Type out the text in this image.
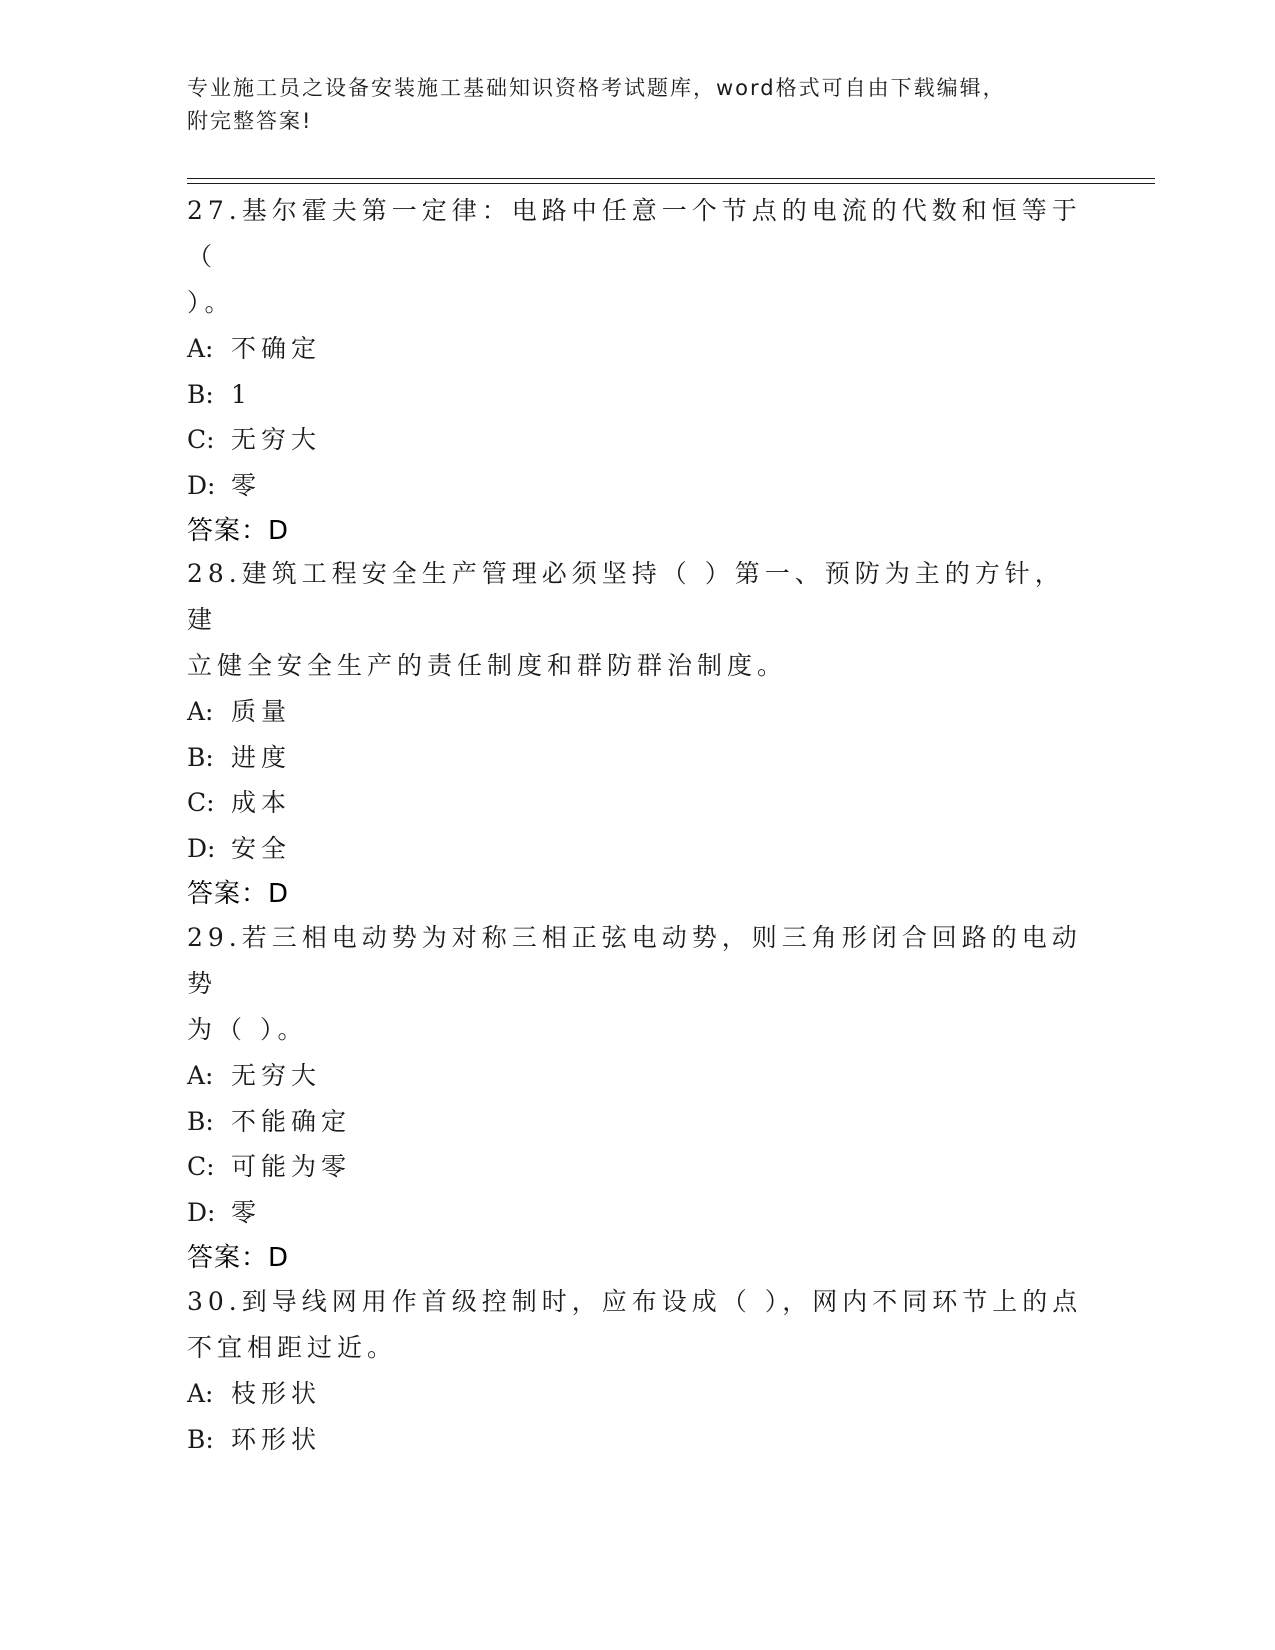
专业施工员之设备安装施工基础知识资格考试题库，word格式可自由下载编辑，
附完整答案!
27.基尔霍夫第一定律：电路中任意一个节点的电流的代数和恒等于（
）。
A: 不确定
B: 1
C: 无穷大
D: 零
答案：D
28.建筑工程安全生产管理必须坚持（ ）第一、预防为主的方针，建
立健全安全生产的责任制度和群防群治制度。
A: 质量
B: 进度
C: 成本
D: 安全
答案：D
29.若三相电动势为对称三相正弦电动势，则三角形闭合回路的电动势
为（ ）。
A: 无穷大
B: 不能确定
C: 可能为零
D: 零
答案：D
30.到导线网用作首级控制时，应布设成（ ），网内不同环节上的点
不宜相距过近。
A: 枝形状
B: 环形状
